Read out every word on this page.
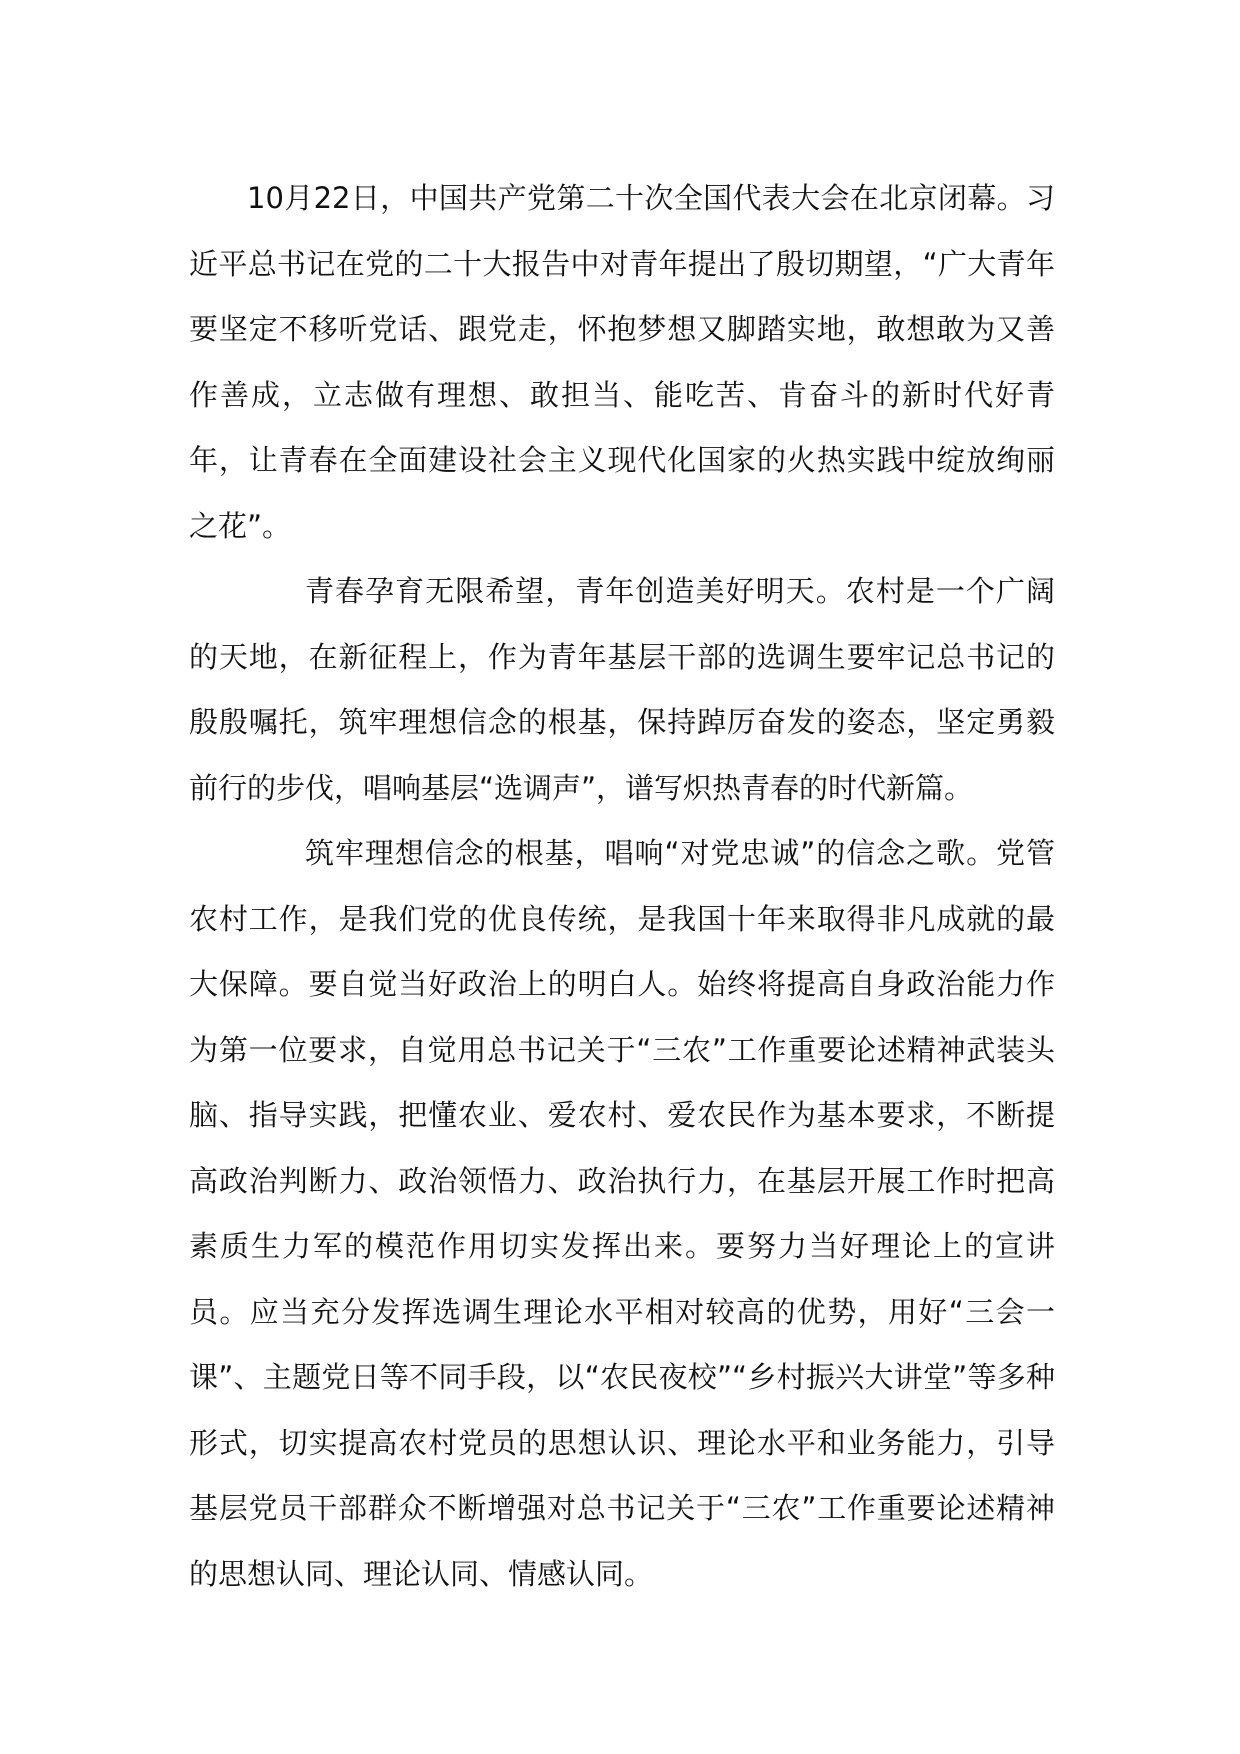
10月22日，中国共产党第二十次全国代表大会在北京闭幕。习近平总书记在党的二十大报告中对青年提出了殷切期望，“广大青年要坚定不移听党话、跟党走，怀抱梦想又脚踏实地，敢想敢为又善作善成，立志做有理想、敢担当、能吃苦、肯奋斗的新时代好青年，让青春在全面建设社会主义现代化国家的火热实践中绽放绚丽之花”。

青春孕育无限希望，青年创造美好明天。农村是一个广阔的天地，在新征程上，作为青年基层干部的选调生要牢记总书记的殷殷嘱托，筑牢理想信念的根基，保持踔厉奋发的姿态，坚定勇毅前行的步伐，唱响基层“选调声”，谱写炽热青春的时代新篇。

筑牢理想信念的根基，唱响“对党忠诚”的信念之歌。党管农村工作，是我们党的优良传统，是我国十年来取得非凡成就的最大保障。要自觉当好政治上的明白人。始终将提高自身政治能力作为第一位要求，自觉用总书记关于“三农”工作重要论述精神武装头脑、指导实践，把懂农业、爱农村、爱农民作为基本要求，不断提高政治判断力、政治领悟力、政治执行力，在基层开展工作时把高素质生力军的模范作用切实发挥出来。要努力当好理论上的宣讲员。应当充分发挥选调生理论水平相对较高的优势，用好“三会一课”、主题党日等不同手段，以“农民夜校”“乡村振兴大讲堂”等多种形式，切实提高农村党员的思想认识、理论水平和业务能力，引导基层党员干部群众不断增强对总书记关于“三农”工作重要论述精神的思想认同、理论认同、情感认同。
